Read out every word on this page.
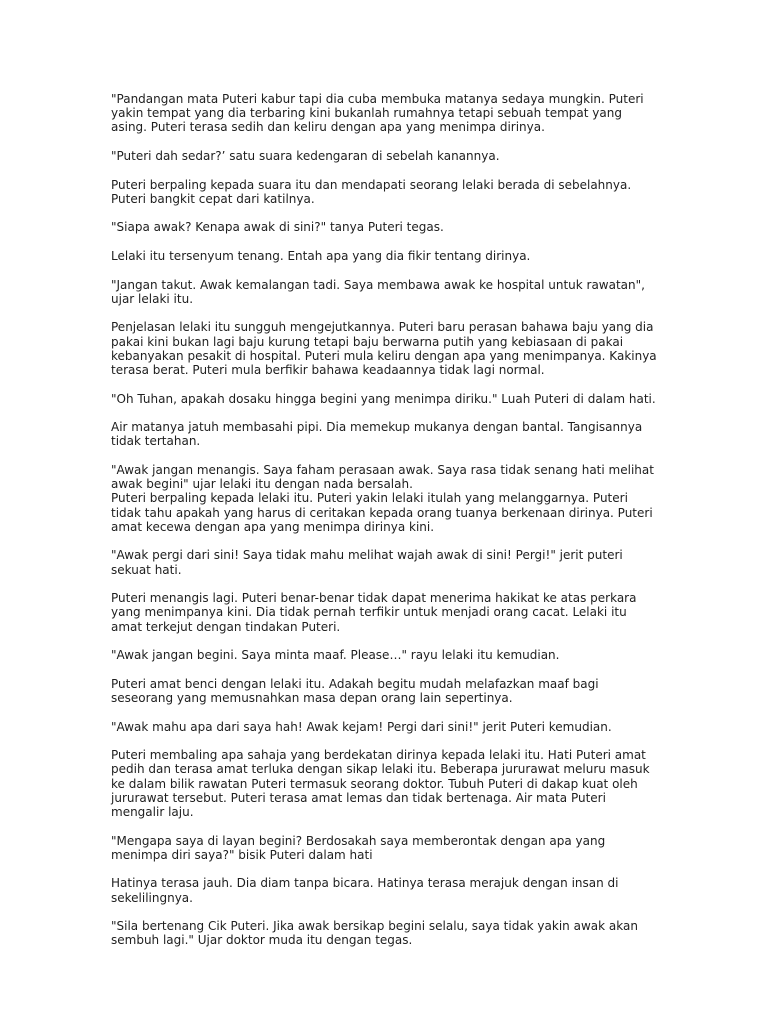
"Pandangan mata Puteri kabur tapi dia cuba membuka matanya sedaya mungkin. Puteri yakin tempat yang dia terbaring kini bukanlah rumahnya tetapi sebuah tempat yang asing. Puteri terasa sedih dan keliru dengan apa yang menimpa dirinya.

"Puteri dah sedar?’ satu suara kedengaran di sebelah kanannya.

Puteri berpaling kepada suara itu dan mendapati seorang lelaki berada di sebelahnya. Puteri bangkit cepat dari katilnya.

"Siapa awak? Kenapa awak di sini?" tanya Puteri tegas.

Lelaki itu tersenyum tenang. Entah apa yang dia fikir tentang dirinya.

"Jangan takut. Awak kemalangan tadi. Saya membawa awak ke hospital untuk rawatan", ujar lelaki itu.

Penjelasan lelaki itu sungguh mengejutkannya. Puteri baru perasan bahawa baju yang dia pakai kini bukan lagi baju kurung tetapi baju berwarna putih yang kebiasaan di pakai kebanyakan pesakit di hospital. Puteri mula keliru dengan apa yang menimpanya. Kakinya terasa berat. Puteri mula berfikir bahawa keadaannya tidak lagi normal.

"Oh Tuhan, apakah dosaku hingga begini yang menimpa diriku." Luah Puteri di dalam hati.

Air matanya jatuh membasahi pipi. Dia memekup mukanya dengan bantal. Tangisannya tidak tertahan.

"Awak jangan menangis. Saya faham perasaan awak. Saya rasa tidak senang hati melihat awak begini" ujar lelaki itu dengan nada bersalah.

Puteri berpaling kepada lelaki itu. Puteri yakin lelaki itulah yang melanggarnya. Puteri tidak tahu apakah yang harus di ceritakan kepada orang tuanya berkenaan dirinya. Puteri amat kecewa dengan apa yang menimpa dirinya kini.

"Awak pergi dari sini! Saya tidak mahu melihat wajah awak di sini! Pergi!" jerit puteri sekuat hati.

Puteri menangis lagi. Puteri benar-benar tidak dapat menerima hakikat ke atas perkara yang menimpanya kini. Dia tidak pernah terfikir untuk menjadi orang cacat. Lelaki itu amat terkejut dengan tindakan Puteri.

"Awak jangan begini. Saya minta maaf. Please…" rayu lelaki itu kemudian.

Puteri amat benci dengan lelaki itu. Adakah begitu mudah melafazkan maaf bagi seseorang yang memusnahkan masa depan orang lain sepertinya.

"Awak mahu apa dari saya hah! Awak kejam! Pergi dari sini!" jerit Puteri kemudian.

Puteri membaling apa sahaja yang berdekatan dirinya kepada lelaki itu. Hati Puteri amat pedih dan terasa amat terluka dengan sikap lelaki itu. Beberapa jururawat meluru masuk ke dalam bilik rawatan Puteri termasuk seorang doktor. Tubuh Puteri di dakap kuat oleh jururawat tersebut. Puteri terasa amat lemas dan tidak bertenaga. Air mata Puteri mengalir laju.

"Mengapa saya di layan begini? Berdosakah saya memberontak dengan apa yang menimpa diri saya?" bisik Puteri dalam hati

Hatinya terasa jauh. Dia diam tanpa bicara. Hatinya terasa merajuk dengan insan di sekelilingnya.

"Sila bertenang Cik Puteri. Jika awak bersikap begini selalu, saya tidak yakin awak akan sembuh lagi." Ujar doktor muda itu dengan tegas.
